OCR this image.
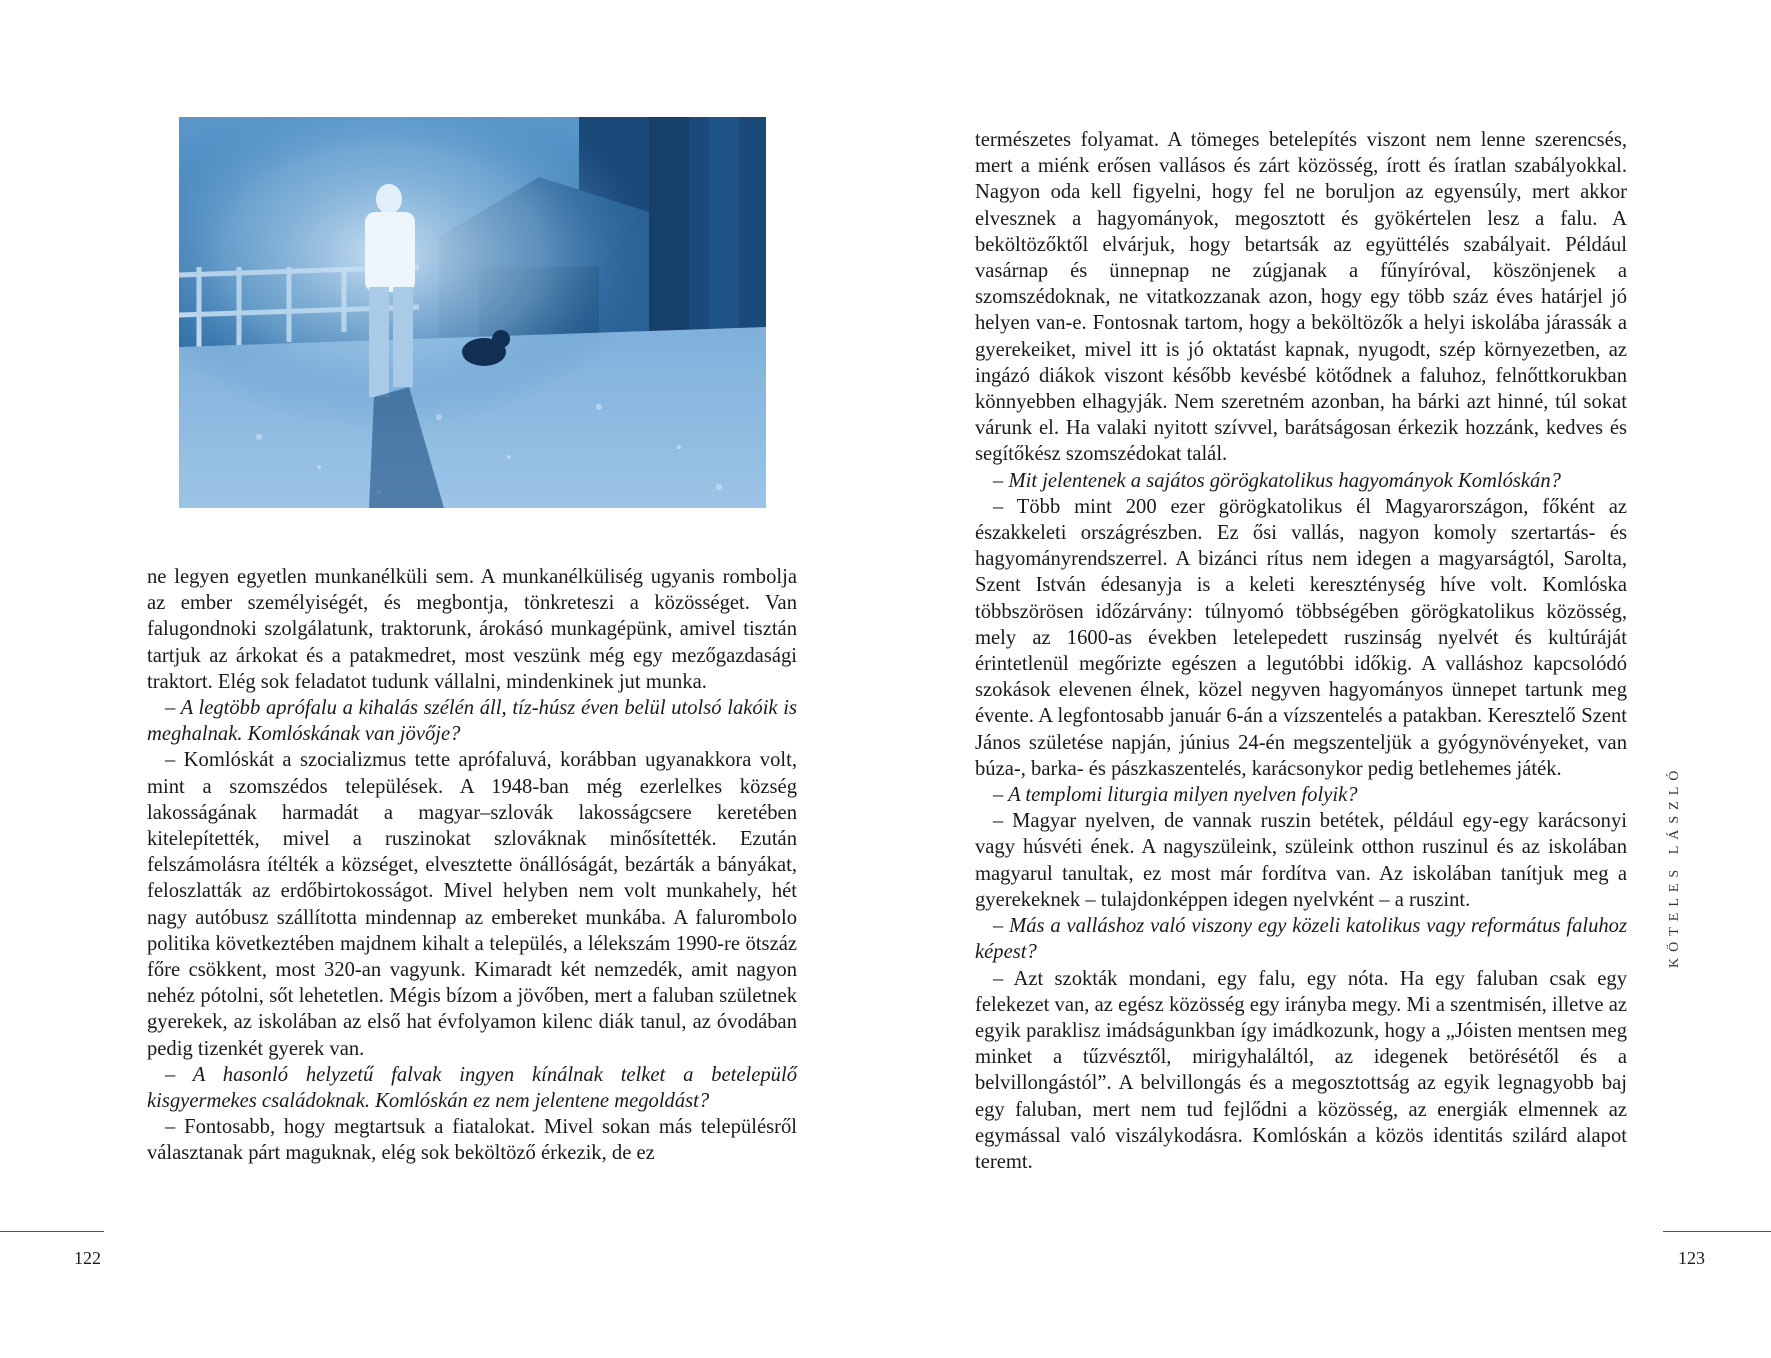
ne legyen egyetlen munkanélküli sem. A munkanélküliség ugyanis rombolja az ember személyiségét, és megbontja, tönkreteszi a közösséget. Van falugondnoki szolgálatunk, traktorunk, árokásó munkagépünk, amivel tisztán tartjuk az árkokat és a patakmedret, most veszünk még egy mezőgazdasági traktort. Elég sok feladatot tudunk vállalni, mindenkinek jut munka.

– A legtöbb aprófalu a kihalás szélén áll, tíz-húsz éven belül utolsó lakóik is meghalnak. Komlóskának van jövője?

– Komlóskát a szocializmus tette aprófaluvá, korábban ugyanakkora volt, mint a szomszédos települések. A 1948-ban még ezerlelkes község lakosságának harmadát a magyar–szlovák lakosságcsere keretében kitelepítették, mivel a ruszinokat szlováknak minősítették. Ezután felszámolásra ítélték a községet, elvesztette önállóságát, bezárták a bányákat, feloszlatták az erdőbirtokosságot. Mivel helyben nem volt munkahely, hét nagy autóbusz szállította mindennap az embereket munkába. A falurombolo politika következtében majdnem kihalt a település, a lélekszám 1990-re ötszáz főre csökkent, most 320-an vagyunk. Kimaradt két nemzedék, amit nagyon nehéz pótolni, sőt lehetetlen. Mégis bízom a jövőben, mert a faluban születnek gyerekek, az iskolában az első hat évfolyamon kilenc diák tanul, az óvodában pedig tizenkét gyerek van.

– A hasonló helyzetű falvak ingyen kínálnak telket a betelepülő kisgyermekes családoknak. Komlóskán ez nem jelentene megoldást?

– Fontosabb, hogy megtartsuk a fiatalokat. Mivel sokan más településről választanak párt maguknak, elég sok beköltöző érkezik, de ez

122

természetes folyamat. A tömeges betelepítés viszont nem lenne szerencsés, mert a miénk erősen vallásos és zárt közösség, írott és íratlan szabályokkal. Nagyon oda kell figyelni, hogy fel ne boruljon az egyensúly, mert akkor elvesznek a hagyományok, megosztott és gyökértelen lesz a falu. A beköltözőktől elvárjuk, hogy betartsák az együttélés szabályait. Például vasárnap és ünnepnap ne zúgjanak a fűnyíróval, köszönjenek a szomszédoknak, ne vitatkozzanak azon, hogy egy több száz éves határjel jó helyen van-e. Fontosnak tartom, hogy a beköltözők a helyi iskolába járassák a gyerekeiket, mivel itt is jó oktatást kapnak, nyugodt, szép környezetben, az ingázó diákok viszont később kevésbé kötődnek a faluhoz, felnőttkorukban könnyebben elhagyják. Nem szeretném azonban, ha bárki azt hinné, túl sokat várunk el. Ha valaki nyitott szívvel, barátságosan érkezik hozzánk, kedves és segítőkész szomszédokat talál.

– Mit jelentenek a sajátos görögkatolikus hagyományok Komlóskán?

– Több mint 200 ezer görögkatolikus él Magyarországon, főként az északkeleti országrészben. Ez ősi vallás, nagyon komoly szertartás- és hagyományrendszerrel. A bizánci rítus nem idegen a magyarságtól, Sarolta, Szent István édesanyja is a keleti kereszténység híve volt. Komlóska többszörösen időzárvány: túlnyomó többségében görögkatolikus közösség, mely az 1600-as években letelepedett ruszinság nyelvét és kultúráját érintetlenül megőrizte egészen a legutóbbi időkig. A valláshoz kapcsolódó szokások elevenen élnek, közel negyven hagyományos ünnepet tartunk meg évente. A legfontosabb január 6-án a vízszentelés a patakban. Keresztelő Szent János születése napján, június 24-én megszenteljük a gyógynövényeket, van búza-, barka- és pászkaszentelés, karácsonykor pedig betlehemes játék.

– A templomi liturgia milyen nyelven folyik?

– Magyar nyelven, de vannak ruszin betétek, például egy-egy karácsonyi vagy húsvéti ének. A nagyszüleink, szüleink otthon ruszinul és az iskolában magyarul tanultak, ez most már fordítva van. Az iskolában tanítjuk meg a gyerekeknek – tulajdonképpen idegen nyelvként – a ruszint.

– Más a valláshoz való viszony egy közeli katolikus vagy református faluhoz képest?

– Azt szokták mondani, egy falu, egy nóta. Ha egy faluban csak egy felekezet van, az egész közösség egy irányba megy. Mi a szentmisén, illetve az egyik paraklisz imádságunkban így imádkozunk, hogy a „Jóisten mentsen meg minket a tűzvésztől, mirigyhaláltól, az idegenek betörésétől és a belvillongástól”. A belvillongás és a megosztottság az egyik legnagyobb baj egy faluban, mert nem tud fejlődni a közösség, az energiák elmennek az egymással való viszálykodásra. Komlóskán a közös identitás szilárd alapot teremt.

KÖTELES LÁSZLÓ
123
